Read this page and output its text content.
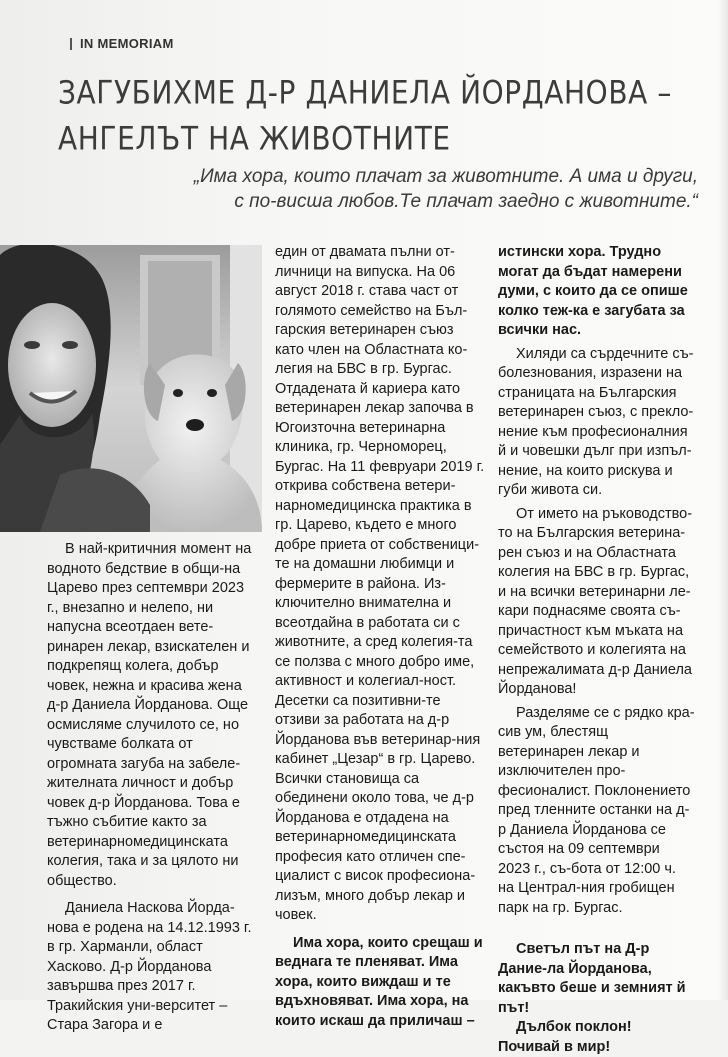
IN MEMORIAM
ЗАГУБИХМЕ Д-Р ДАНИЕЛА ЙОРДАНОВА –
АНГЕЛЪТ НА ЖИВОТНИТЕ
„Има хора, които плачат за животните. А има и други,
с по-висша любов.Те плачат заедно с животните.“

В най-критичния момент на водното бедствие в общи-на Царево през септември 2023 г., внезапно и нелепо, ни напусна всеотдаен вете-ринарен лекар, взискателен и подкрепящ колега, добър човек, нежна и красива жена д-р Даниела Йорданова. Още осмисляме случилото се, но чувстваме болката от огромната загуба на забеле-жителната личност и добър човек д-р Йорданова. Това е тъжно събитие както за ветеринарномедицинската колегия, така и за цялото ни общество.

Даниела Наскова Йорда-нова е родена на 14.12.1993 г. в гр. Харманли, област Хасково. Д-р Йорданова завършва през 2017 г. Тракийския уни-верситет – Стара Загора и е

един от двамата пълни от-личници на випуска. На 06 август 2018 г. става част от голямото семейство на Бъл-гарския ветеринарен съюз като член на Областната ко-легия на БВС в гр. Бургас. Отдадената й кариера като ветеринарен лекар започва в Югоизточна ветеринарна клиника, гр. Черноморец, Бургас. На 11 февруари 2019 г. открива собствена ветери-нарномедицинска практика в гр. Царево, където е много добре приета от собственици-те на домашни любимци и фермерите в района. Из-ключително внимателна и всеотдайна в работата си с животните, а сред колегия-та се ползва с много добро име, активност и колегиал-ност. Десетки са позитивни-те отзиви за работата на д-р Йорданова във ветеринар-ния кабинет „Цезар“ в гр. Царево. Всички становища са обединени около това, че д-р Йорданова е отдадена на ветеринарномедицинската професия като отличен спе-циалист с висок професиона-лизъм, много добър лекар и човек.

Има хора, които срещаш и веднага те пленяват. Има хора, които виждаш и те вдъхновяват. Има хора, на които искаш да приличаш –

истински хора. Трудно могат да бъдат намерени думи, с които да се опише колко теж-ка е загубата за всички нас.

Хиляди са сърдечните съ-болезнования, изразени на страницата на Българския ветеринарен съюз, с прекло-нение към професионалния й и човешки дълг при изпъл-нение, на които рискува и губи живота си.

От името на ръководство-то на Българския ветерина-рен съюз и на Областната колегия на БВС в гр. Бургас, и на всички ветеринарни ле-кари поднасяме своята съ-причастност към мъката на семейството и колегията на непрежалимата д-р Даниела Йорданова!

Разделяме се с рядко кра-сив ум, блестящ ветеринарен лекар и изключителен про-фесионалист. Поклонението пред тленните останки на д-р Даниела Йорданова се състоя на 09 септември 2023 г., съ-бота от 12:00 ч. на Централ-ния гробищен парк на гр. Бургас.

Светъл път на Д-р Даниe-ла Йорданова, какъвто беше и земният й път!

Дълбок поклон! Почивай в мир!
